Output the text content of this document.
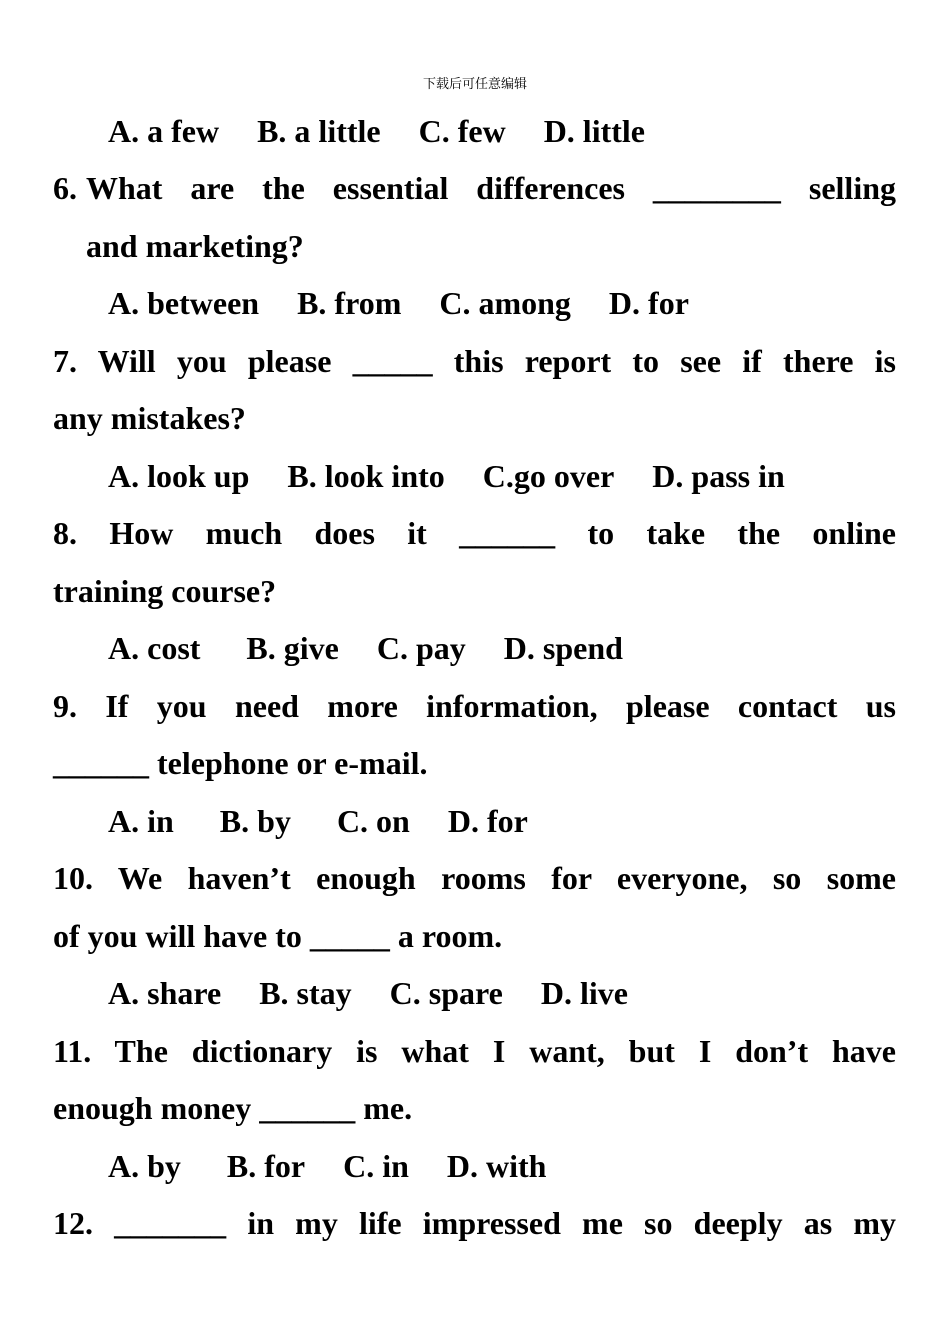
下载后可任意编辑
A. a few B. a little C. few D. little
6. What are the essential differences ________ selling
and marketing?
A. between B. from C. among D. for
7. Will you please _____ this report to see if there is
any mistakes?
A. look up B. look into C.go over D. pass in
8. How much does it ______ to take the online
training course?
A. cost B. give C. pay D. spend
9. If you need more information, please contact us
______ telephone or e-mail.
A. in B. by C. on D. for
10. We haven’t enough rooms for everyone, so some
of you will have to _____ a room.
A. share B. stay C. spare D. live
11. The dictionary is what I want, but I don’t have
enough money ______ me.
A. by B. for C. in D. with
12. _______ in my life impressed me so deeply as my
